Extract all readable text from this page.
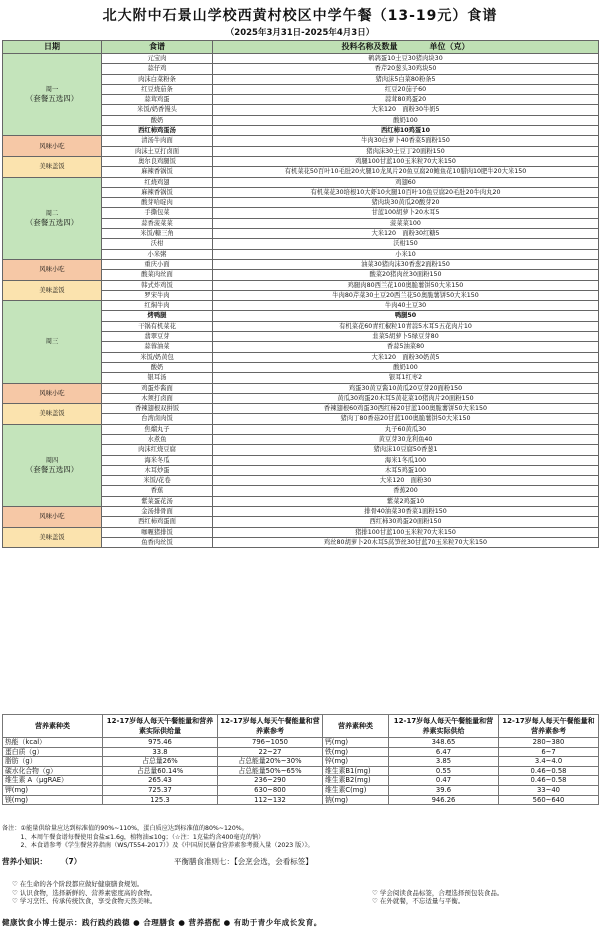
北大附中石景山学校西黄村校区中学午餐（13-19元）食谱
（2025年3月31日-2025年4月3日）
日期	食谱	投料名称及数量　　　　单位（克）
周一
（套餐五选四）	元宝肉	鹌鹑蛋10土豆30猪肉块30
	蒜仔鸡	香芹20葱头30鸡块50
	肉沫白菜粉条	猪肉沫5白菜80粉条5
	红豆烧茄条	红豆20茄子60
	蒜茸鸡蛋	蒜茸80鸡蛋20
	米饭/奶香馒头	大米120　面粉30牛奶5
	酸奶	酸奶100
	西红柿鸡蛋汤	西红柿10鸡蛋10
风味小吃	清汤牛肉面	牛肉30白萝卜40香菜5面粉150
	肉沫土豆打卤面	猪肉沫30土豆丁20面粉150
美味盖饭	奥尔良鸡腿饭	鸡腿100甘蓝100玉米粒70大米150
	麻辣香锅饭	有机菜花50百叶10毛肚20火腿10龙凤片20鱼豆腐20鲍鱼花10腊肉10肥牛20大米150
周二
（套餐五选四）	红烧鸡翅	鸡翅60
	麻辣香锅饭	有机菜花30培根10大虾10火腿10百叶10鱼豆腐20毛肚20牛肉丸20
	酸芽哈啶肉	猪肉块30黄瓜20酸芽20
	手撕包菜	甘蓝100胡萝卜20木耳5
	蒜香菠菜菜	菠菜菜100
	米饭/糖三角	大米120　面粉30红糖5
	沃柑	沃柑150
	小米粥	小米10
风味小吃	重庆小面	油菜30猪肉沫30香葱2面粉150
	酸菜肉丝面	酸菜20猪肉丝30面粉150
美味盖饭	韩式炸鸡饭	鸡腿肉80西兰花100奥脆薯饼50大米150
	罗宋牛肉	牛肉80芹菜30土豆20西兰花50奥脆薯饼50大米150
周三	红焖牛肉	牛肉40土豆30
	烤鸭腿	鸭腿50
	干锅有机菜花	有机菜花60青红椒粒10青蒜5木耳5五花肉片10
	翡翠豆芽	韭菜5胡萝卜5绿豆芽80
	蒜蓉油菜	香蒜5油菜80
	米饭/奶黄包	大米120　面粉30奶黄5
	酸奶	酸奶100
	银耳汤	银耳1红枣2
风味小吃	鸡蛋炸酱面	鸡蛋30黄豆酱10黄瓜20豆芽20面粉150
	木须打卤面	黄瓜30鸡蛋20木耳5黄花菜10猪肉片20面粉150
美味盖饭	香辣翅根双拼饭	香辣翅根60鸡蛋30西红柿20甘蓝100奥脆薯饼50大米150
	台湾卤肉饭	猪肉丁80香菇20甘蓝100奥脆薯饼50大米150
周四
（套餐五选四）	焦熘丸子	丸子60黄瓜30
	水煮鱼	黄豆芽30龙利鱼40
	肉沫红烧豆腐	猪肉沫10豆腐50香葱1
	海米冬瓜	海米1冬瓜100
	木耳炒蛋	木耳5鸡蛋100
	米饭/花卷	大米120　面粉30
	香蕉	香蕉200
	紫菜蛋花汤	紫菜2鸡蛋10
风味小吃	金汤排骨面	排骨40油菜30香菜1面粉150
	西红柿鸡蛋面	西红柿30鸡蛋20面粉150
美味盖饭	咖喱猪排饭	猪排100甘蓝100玉米粒70大米150
	鱼香肉丝饭	鸡丝80胡萝卜20木耳5莴笋丝30甘蓝70玉米粒70大米150
营养素种类	12-17岁每人每天午餐能量和营养素实际供给量	12-17岁每人每天午餐能量和营养素参考	营养素种类	12-17岁每人每天午餐能量和营养素实际供给	12-17岁每人每天午餐能量和营养素参考
热能（kcal）	975.46	796~1050	钙(mg)	348.65	280~380
蛋白质（g）	33.8	22~27	铁(mg)	6.47	6~7
脂肪（g）	占总量26%	占总能量20%~30%	锌(mg)	3.85	3.4~4.0
碳水化合物（g）	占总量60.14%	占总能量50%~65%	维生素B1(mg)	0.55	0.46~0.58
维生素 A（μgRAE）	265.43	236~290	维生素B2(mg)	0.47	0.46~0.58
钾(mg)	725.37	630~800	维生素C(mg)	39.6	33~40
镁(mg)	125.3	112~132	钠(mg)	946.26	560~640
备注：①能量供给量应达到标准值的90%~110%，蛋白质应达到标准值的80%~120%。
　　　1、本周午餐食谱每餐使用食盐≤1.6g，植物油≤10g；（☆注：1克盐约含400毫克的钠）
　　　2、本食谱参考《学生餐营养指南（WS/T554-2017）》及《中国居民膳食营养素参考摄入量（2023 版）》。
营养小知识： （7）	平衡膳食准则七：【会烹会选，会看标签】
♡ 在生命的各个阶段都应做好健康膳食规划。
♡ 认识食物，选择新鲜的、营养素密度高的食物。	♡ 学会阅读食品标签，合理选择预包装食品。
♡ 学习烹饪、传承传统饮食，享受食物天然美味。	♡ 在外就餐，不忘适量与平衡。
健康饮食小博士提示：践行践约践德 ● 合理膳食 ● 营养搭配 ● 有助于青少年成长发育。
